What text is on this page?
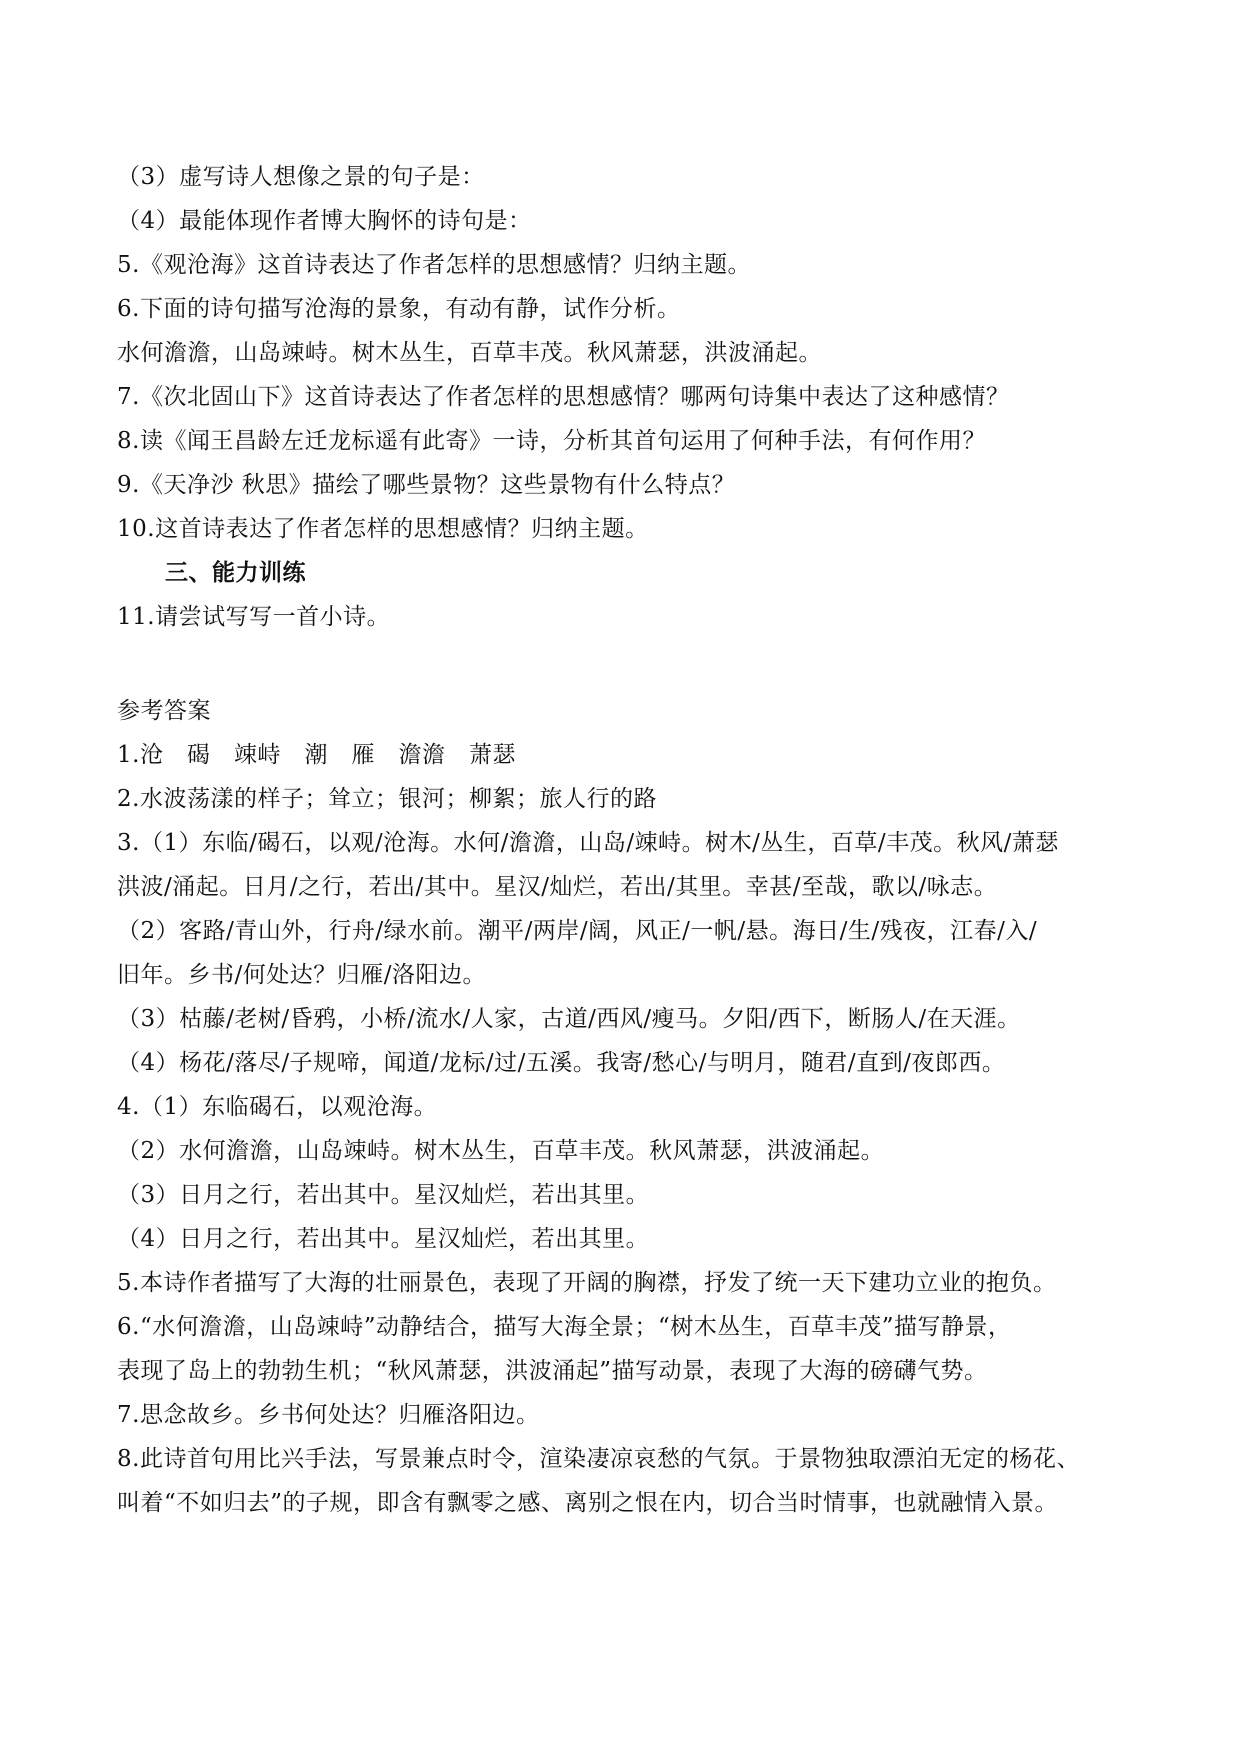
（3）虚写诗人想像之景的句子是：
（4）最能体现作者博大胸怀的诗句是：
5.《观沧海》这首诗表达了作者怎样的思想感情？归纳主题。
6.下面的诗句描写沧海的景象，有动有静，试作分析。
水何澹澹，山岛竦峙。树木丛生，百草丰茂。秋风萧瑟，洪波涌起。
7.《次北固山下》这首诗表达了作者怎样的思想感情？哪两句诗集中表达了这种感情？
8.读《闻王昌龄左迁龙标遥有此寄》一诗，分析其首句运用了何种手法，有何作用？
9.《天净沙 秋思》描绘了哪些景物？这些景物有什么特点？
10.这首诗表达了作者怎样的思想感情？归纳主题。
三、能力训练
11.请尝试写写一首小诗。
参考答案
1.沧　碣　竦峙　潮　雁　澹澹　萧瑟
2.水波荡漾的样子；耸立；银河；柳絮；旅人行的路
3.（1）东临/碣石，以观/沧海。水何/澹澹，山岛/竦峙。树木/丛生，百草/丰茂。秋风/萧瑟
洪波/涌起。日月/之行，若出/其中。星汉/灿烂，若出/其里。幸甚/至哉，歌以/咏志。
（2）客路/青山外，行舟/绿水前。潮平/两岸/阔，风正/一帆/悬。海日/生/残夜，江春/入/
旧年。乡书/何处达？归雁/洛阳边。
（3）枯藤/老树/昏鸦，小桥/流水/人家，古道/西风/瘦马。夕阳/西下，断肠人/在天涯。
（4）杨花/落尽/子规啼，闻道/龙标/过/五溪。我寄/愁心/与明月，随君/直到/夜郎西。
4.（1）东临碣石，以观沧海。
（2）水何澹澹，山岛竦峙。树木丛生，百草丰茂。秋风萧瑟，洪波涌起。
（3）日月之行，若出其中。星汉灿烂，若出其里。
（4）日月之行，若出其中。星汉灿烂，若出其里。
5.本诗作者描写了大海的壮丽景色，表现了开阔的胸襟，抒发了统一天下建功立业的抱负。
6.“水何澹澹，山岛竦峙”动静结合，描写大海全景；“树木丛生，百草丰茂”描写静景，
表现了岛上的勃勃生机；“秋风萧瑟，洪波涌起”描写动景，表现了大海的磅礴气势。
7.思念故乡。乡书何处达？归雁洛阳边。
8.此诗首句用比兴手法，写景兼点时令，渲染凄凉哀愁的气氛。于景物独取漂泊无定的杨花、
叫着“不如归去”的子规，即含有飘零之感、离别之恨在内，切合当时情事，也就融情入景。
